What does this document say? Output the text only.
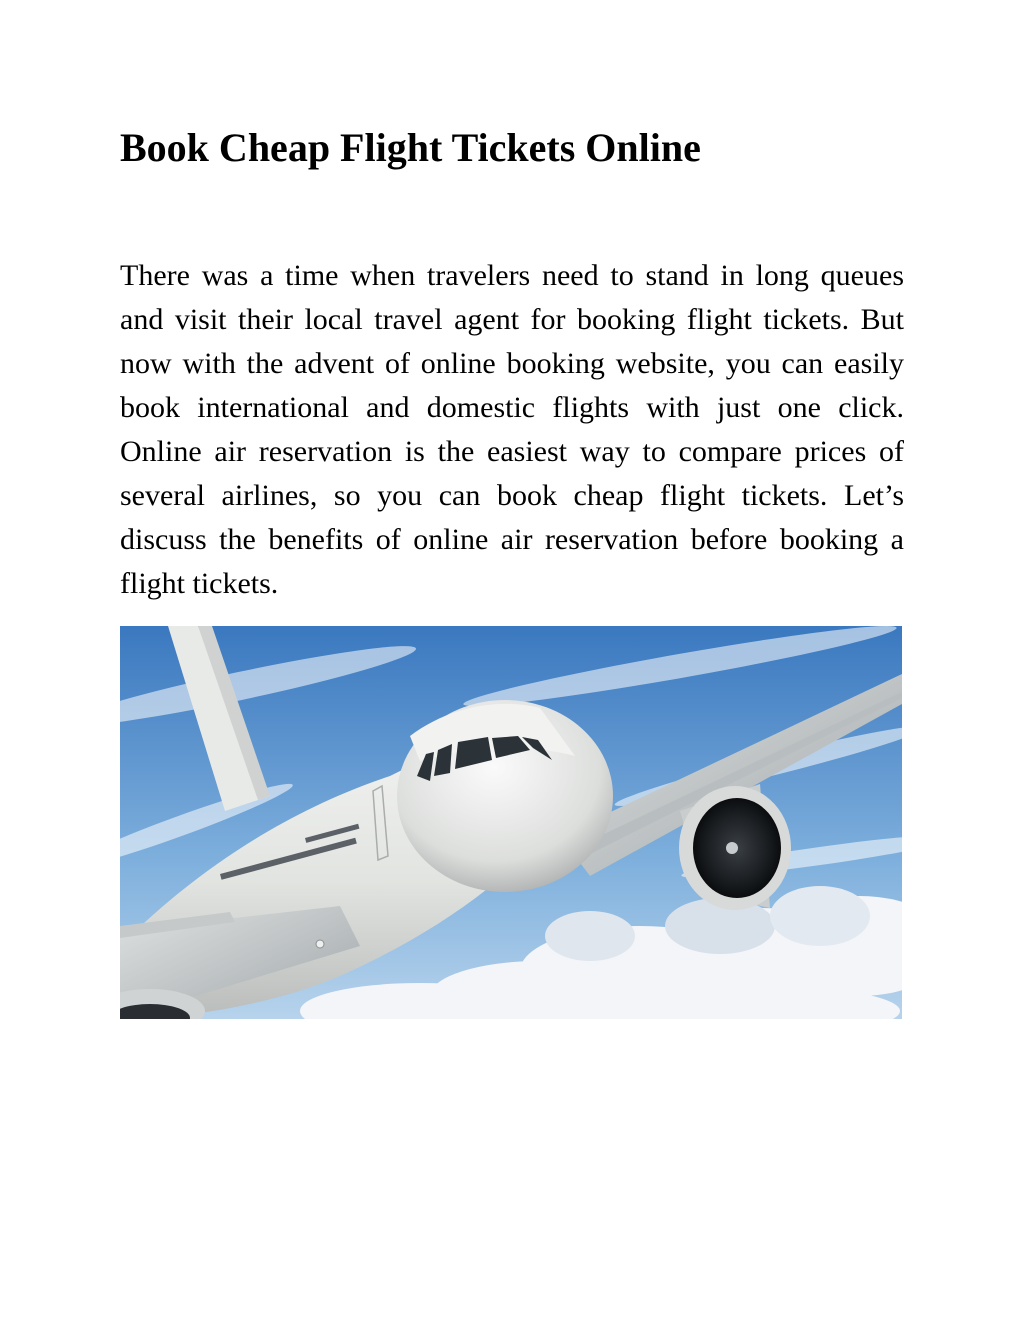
Book Cheap Flight Tickets Online

There was a time when travelers need to stand in long queues and visit their local travel agent for booking flight tickets. But now with the advent of online booking website, you can easily book international and domestic flights with just one click. Online air reservation is the easiest way to compare prices of several airlines, so you can book cheap flight tickets. Let’s discuss the benefits of online air reservation before booking a flight tickets.
